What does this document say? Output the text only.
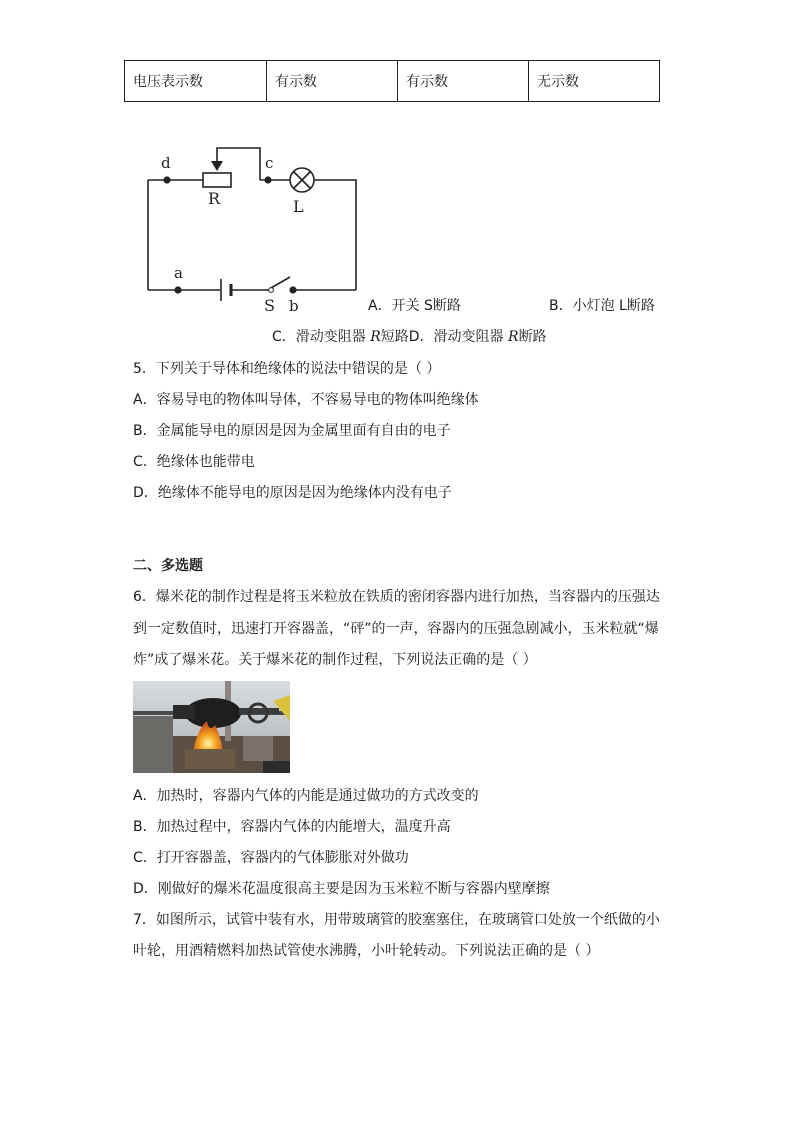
电压表示数	有示数	有示数	无示数
d	c
R	L
a
S b	A．开关 S断路	B．小灯泡 L断路
C．滑动变阻器 R短路D．滑动变阻器 R断路
5．下列关于导体和绝缘体的说法中错误的是（ ）
A．容易导电的物体叫导体，不容易导电的物体叫绝缘体
B．金属能导电的原因是因为金属里面有自由的电子
C．绝缘体也能带电
D．绝缘体不能导电的原因是因为绝缘体内没有电子
二、多选题
6．爆米花的制作过程是将玉米粒放在铁质的密闭容器内进行加热，当容器内的压强达
到一定数值时，迅速打开容器盖，“砰”的一声，容器内的压强急剧减小，玉米粒就“爆
炸”成了爆米花。关于爆米花的制作过程，下列说法正确的是（ ）
A．加热时，容器内气体的内能是通过做功的方式改变的
B．加热过程中，容器内气体的内能增大，温度升高
C．打开容器盖，容器内的气体膨胀对外做功
D．刚做好的爆米花温度很高主要是因为玉米粒不断与容器内壁摩擦
7．如图所示，试管中装有水，用带玻璃管的胶塞塞住，在玻璃管口处放一个纸做的小
叶轮，用酒精燃料加热试管使水沸腾，小叶轮转动。下列说法正确的是（ ）
